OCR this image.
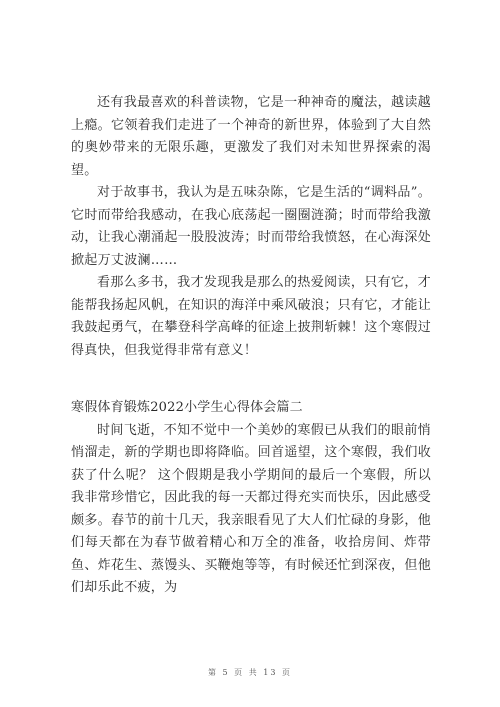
还有我最喜欢的科普读物，它是一种神奇的魔法，越读越上瘾。它领着我们走进了一个神奇的新世界，体验到了大自然的奥妙带来的无限乐趣，更激发了我们对未知世界探索的渴望。

对于故事书，我认为是五味杂陈，它是生活的“调料品”。它时而带给我感动，在我心底荡起一圈圈涟漪；时而带给我激动，让我心潮涌起一股股波涛；时而带给我愤怒，在心海深处掀起万丈波澜……

看那么多书，我才发现我是那么的热爱阅读，只有它，才能帮我扬起风帆，在知识的海洋中乘风破浪；只有它，才能让我鼓起勇气，在攀登科学高峰的征途上披荆斩棘！这个寒假过得真快，但我觉得非常有意义！

寒假体育锻炼2022小学生心得体会篇二

时间飞逝，不知不觉中一个美妙的寒假已从我们的眼前悄悄溜走，新的学期也即将降临。回首遥望，这个寒假，我们收获了什么呢？ 这个假期是我小学期间的最后一个寒假，所以我非常珍惜它，因此我的每一天都过得充实而快乐，因此感受颇多。春节的前十几天，我亲眼看见了大人们忙碌的身影，他们每天都在为春节做着精心和万全的准备，收拾房间、炸带鱼、炸花生、蒸馒头、买鞭炮等等，有时候还忙到深夜，但他们却乐此不疲，为

第 5 页 共 13 页
